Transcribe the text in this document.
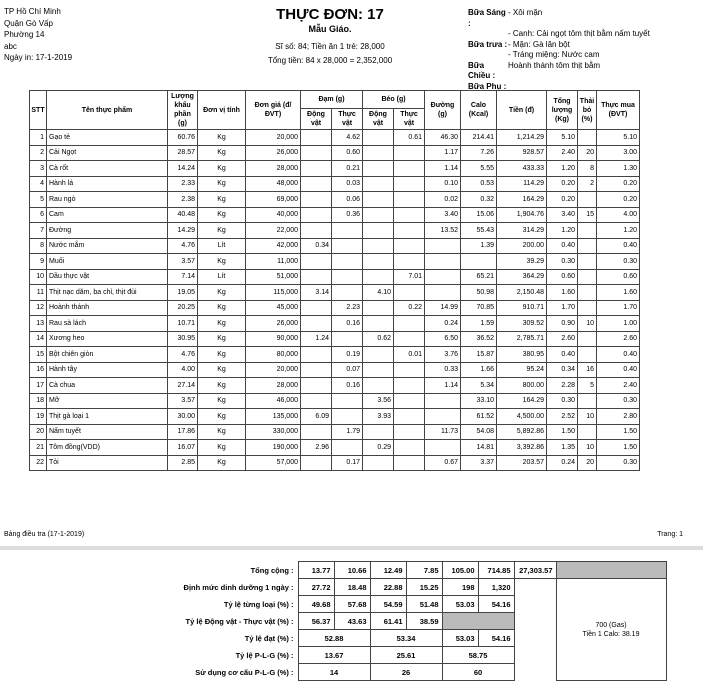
TP Hồ Chí Minh
Quận Gò Vấp
Phường 14
abc
Ngày in: 17-1-2019
THỰC ĐƠN: 17
Mẫu Giáo.
Sĩ số: 84; Tiền ăn 1 trẻ: 28,000
Tổng tiền: 84 x 28,000 = 2,352,000
Bữa Sáng :
- Xôi mặn
- Canh: Cải ngọt tôm thịt bằm nấm tuyết
Bữa trưa : - Mặn: Gà lăn bột
- Tráng miệng: Nước cam
Bữa Chiều :
Hoành thánh tôm thịt bằm
Bữa Phụ :
STT	Tên thực phẩm	Lượng khẩu phần (g)	Đơn vị tính	Đơn giá (đ/ĐVT)	Đạm (g)		Béo (g)		Đường (g)	Calo (Kcal)	Tiền (đ)	Tổng lượng (Kg)	Thải bỏ (%)	Thực mua (ĐVT)
					Động vật	Thực vật	Động vật	Thực vật						
1	Gạo tẻ	60.76	Kg	20,000		4.62		0.61	46.30	214.41	1,214.29	5.10		5.10
2	Cải Ngọt	28.57	Kg	26,000		0.60			1.17	7.26	928.57	2.40	20	3.00
3	Cà rốt	14.24	Kg	28,000		0.21			1.14	5.55	433.33	1.20	8	1.30
4	Hành lá	2.33	Kg	48,000		0.03			0.10	0.53	114.29	0.20	2	0.20
5	Rau ngò	2.38	Kg	69,000		0.06			0.02	0.32	164.29	0.20		0.20
6	Cam	40.48	Kg	40,000		0.36			3.40	15.06	1,904.76	3.40	15	4.00
7	Đường	14.29	Kg	22,000					13.52	55.43	314.29	1.20		1.20
8	Nước mắm	4.76	Lít	42,000	0.34					1.39	200.00	0.40		0.40
9	Muối	3.57	Kg	11,000							39.29	0.30		0.30
10	Dầu thực vật	7.14	Lít	51,000				7.01		65.21	364.29	0.60		0.60
11	Thịt nạc dăm, ba chỉ, thịt đùi	19.05	Kg	115,000	3.14		4.10			50.98	2,150.48	1.60		1.60
12	Hoành thánh	20.25	Kg	45,000		2.23		0.22	14.99	70.85	910.71	1.70		1.70
13	Rau sà lách	10.71	Kg	26,000		0.16			0.24	1.59	309.52	0.90	10	1.00
14	Xương heo	30.95	Kg	90,000	1.24		0.62		6.50	36.52	2,785.71	2.60		2.60
15	Bột chiên giòn	4.76	Kg	80,000		0.19		0.01	3.76	15.87	380.95	0.40		0.40
16	Hành tây	4.00	Kg	20,000		0.07			0.33	1.66	95.24	0.34	16	0.40
17	Cà chua	27.14	Kg	28,000		0.16			1.14	5.34	800.00	2.28	5	2.40
18	Mỡ	3.57	Kg	46,000			3.56			33.10	164.29	0.30		0.30
19	Thịt gà loại 1	30.00	Kg	135,000	6.09		3.93			61.52	4,500.00	2.52	10	2.80
20	Nấm tuyết	17.86	Kg	330,000		1.79			11.73	54.08	5,892.86	1.50		1.50
21	Tôm đồng(VDD)	16.07	Kg	190,000	2.96		0.29			14.81	3,392.86	1.35	10	1.50
22	Tỏi	2.85	Kg	57,000		0.17			0.67	3.37	203.57	0.24	20	0.30
Bảng điều tra (17-1-2019)	Trang: 1
Tổng cộng :	13.77	10.66	12.49	7.85	105.00	714.85	27,303.57	
Định mức dinh dưỡng 1 ngày :	27.72	18.48	22.88	15.25	198	1,320		700 (Gas)
Tiền 1 Calo: 38.19

Tỷ lệ từng loại (%) :	49.68	57.68	54.59	51.48	53.03	54.16		
Tỷ lệ Động vật - Thực vật (%) :	56.37	43.63	61.41	38.59				
Tỷ lệ đạt (%) :	52.88		53.34		53.03	54.16		
Tỷ lệ P-L-G (%) :	13.67		25.61		58.75			
Sử dụng cơ cấu P-L-G (%) :	14		26		60			
